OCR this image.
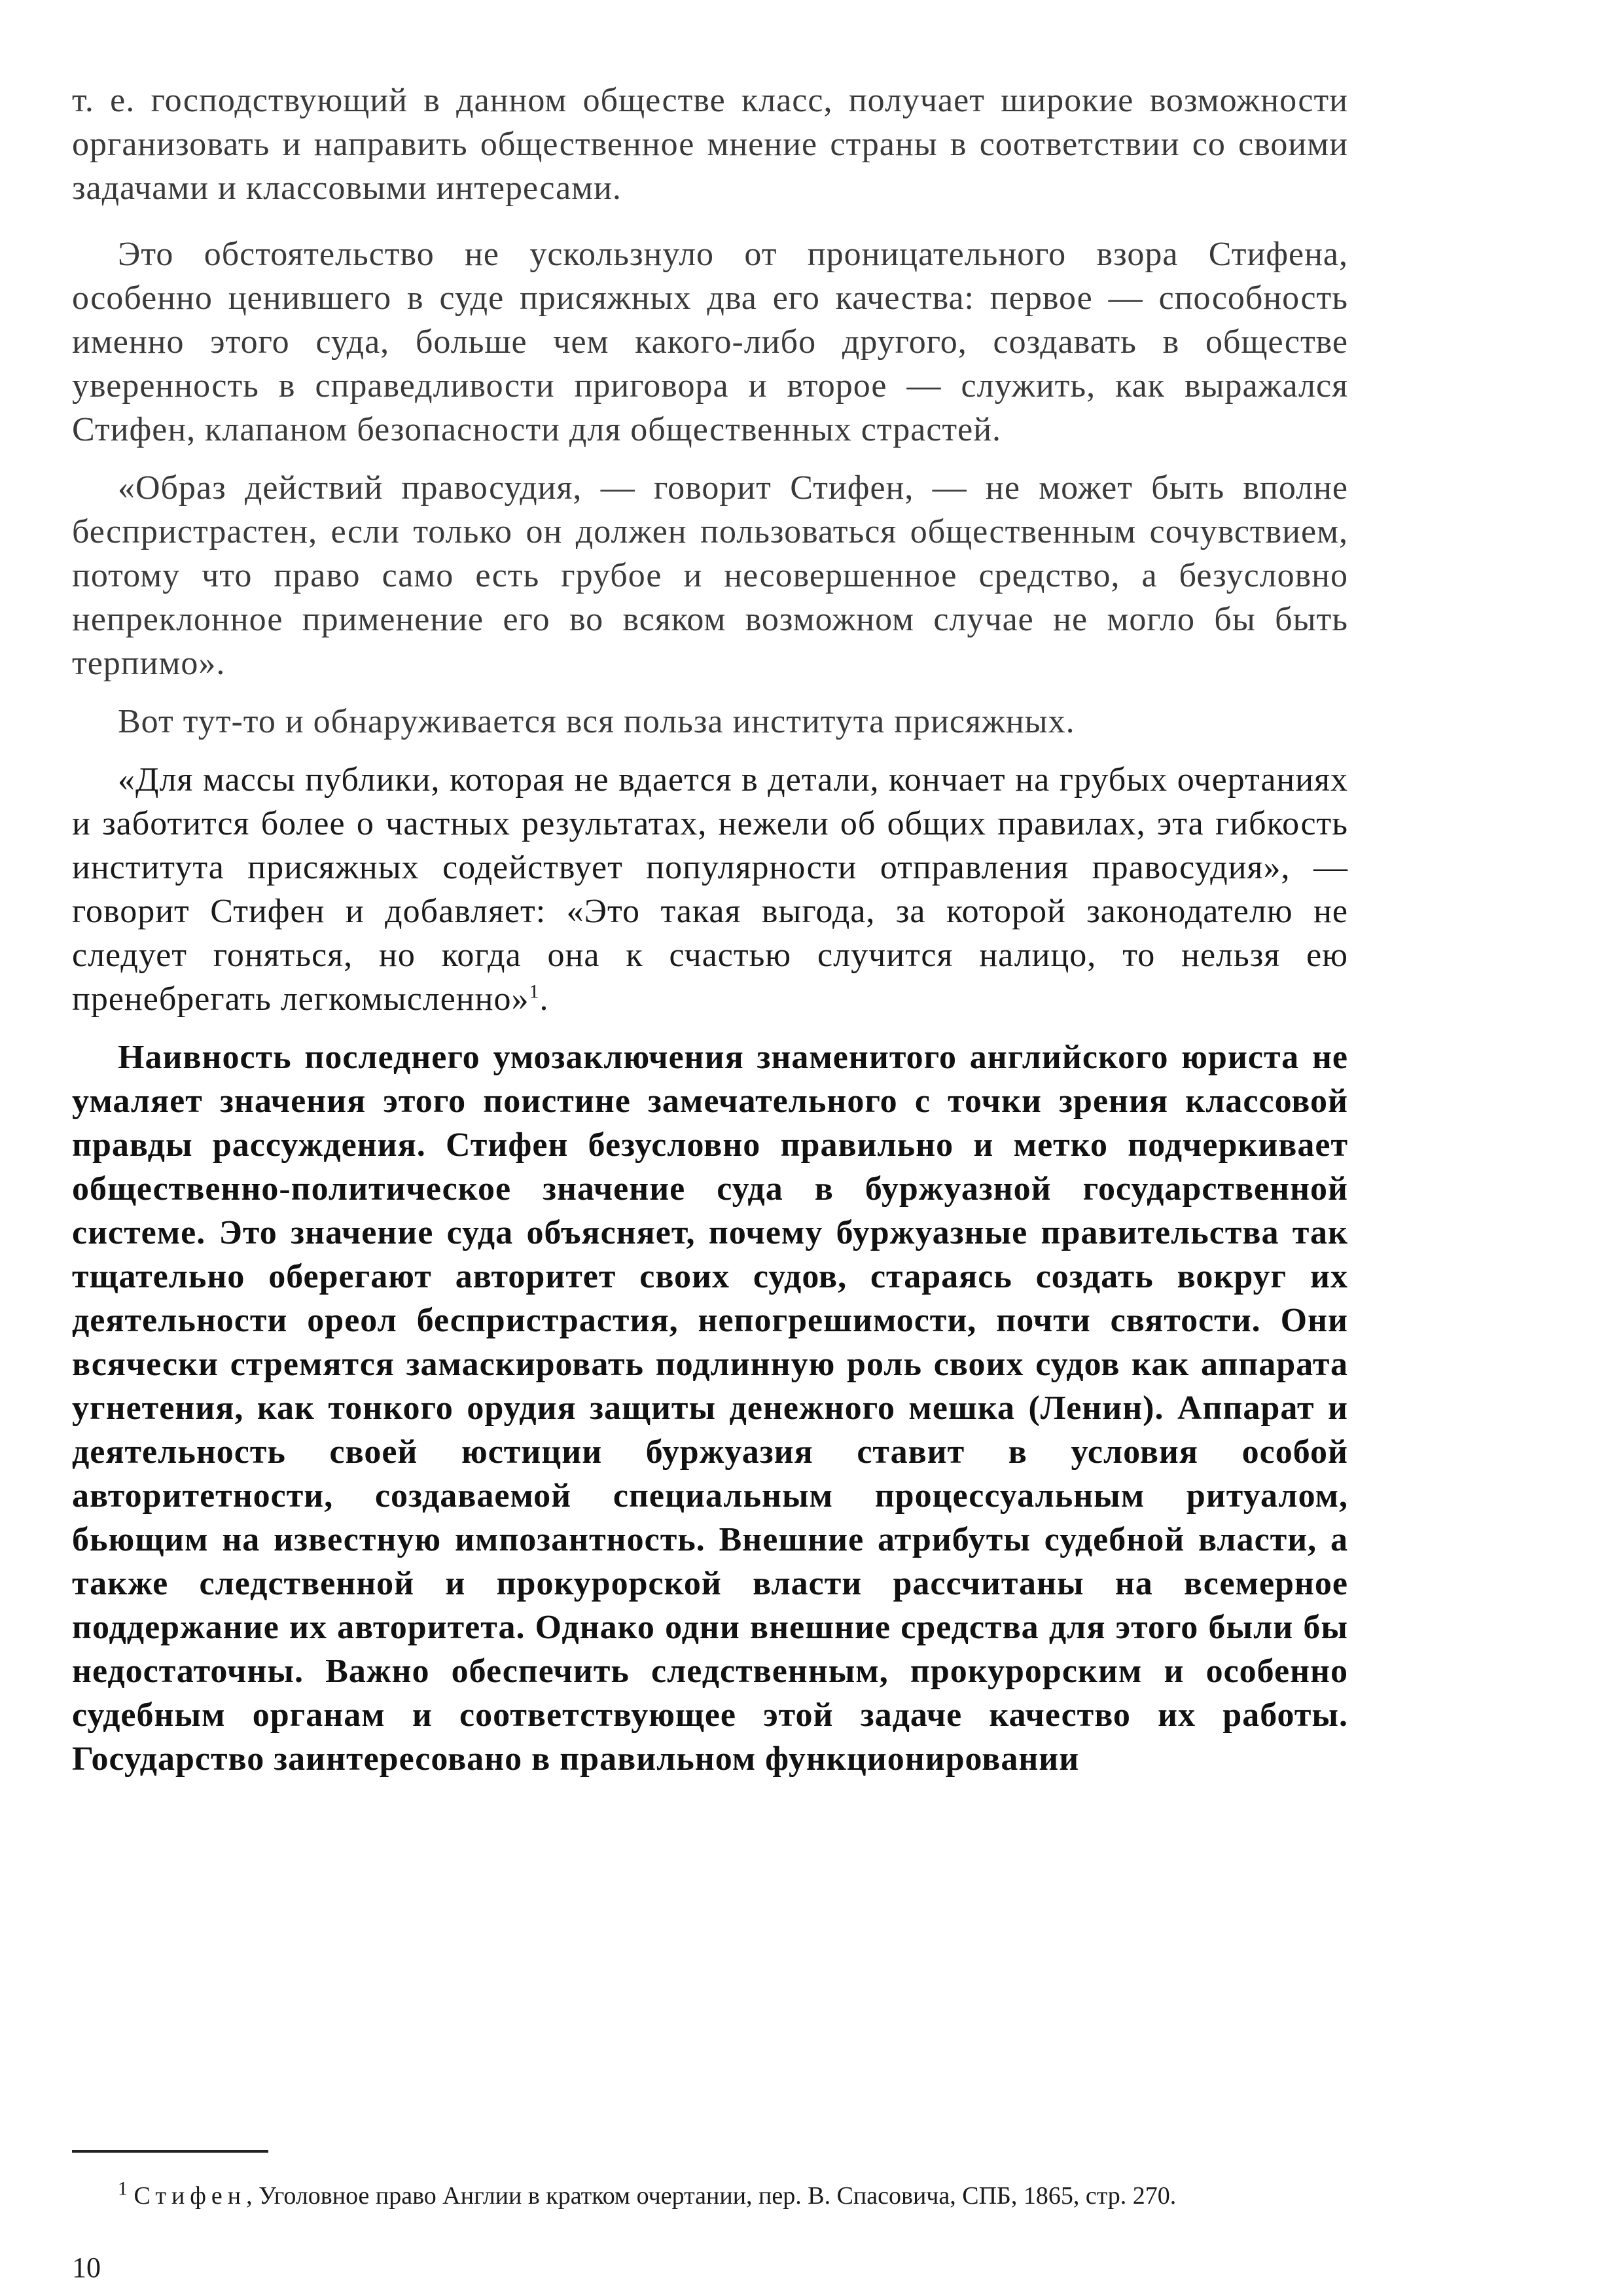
т. е. господствующий в данном обществе класс, получает широкие возможности организовать и направить общественное мнение страны в соответствии со своими задачами и классовыми интересами.

Это обстоятельство не ускользнуло от проницательного взора Стифена, особенно ценившего в суде присяжных два его качества: первое — способность именно этого суда, больше чем какого-либо другого, создавать в обществе уверенность в справедливости приговора и второе — служить, как выражался Стифен, клапаном безопасности для общественных страстей.

«Образ действий правосудия, — говорит Стифен, — не может быть вполне беспристрастен, если только он должен пользоваться общественным сочувствием, потому что право само есть грубое и несовершенное средство, а безусловно непреклонное применение его во всяком возможном случае не могло бы быть терпимо».

Вот тут-то и обнаруживается вся польза института присяжных.

«Для массы публики, которая не вдается в детали, кончает на грубых очертаниях и заботится более о частных результатах, нежели об общих правилах, эта гибкость института присяжных содействует популярности отправления правосудия», — говорит Стифен и добавляет: «Это такая выгода, за которой законодателю не следует гоняться, но когда она к счастью случится налицо, то нельзя ею пренебрегать легкомысленно»$^1$.

Наивность последнего умозаключения знаменитого английского юриста не умаляет значения этого поистине замечательного с точки зрения классовой правды рассуждения. Стифен безусловно правильно и метко подчеркивает общественно-политическое значение суда в буржуазной государственной системе. Это значение суда объясняет, почему буржуазные правительства так тщательно оберегают авторитет своих судов, стараясь создать вокруг их деятельности ореол беспристрастия, непогрешимости, почти святости. Они всячески стремятся замаскировать подлинную роль своих судов как аппарата угнетения, как тонкого орудия защиты денежного мешка (Ленин). Аппарат и деятельность своей юстиции буржуазия ставит в условия особой авторитетности, создаваемой специальным процессуальным ритуалом, бьющим на известную импозантность. Внешние атрибуты судебной власти, а также следственной и прокурорской власти рассчитаны на всемерное поддержание их авторитета. Однако одни внешние средства для этого были бы недостаточны. Важно обеспечить следственным, прокурорским и особенно судебным органам и соответствующее этой задаче качество их работы. Государство заинтересовано в правильном функционировании

$^1$ Стифен, Уголовное право Англии в кратком очертании, пер. В. Спасовича, СПБ, 1865, стр. 270.

10
